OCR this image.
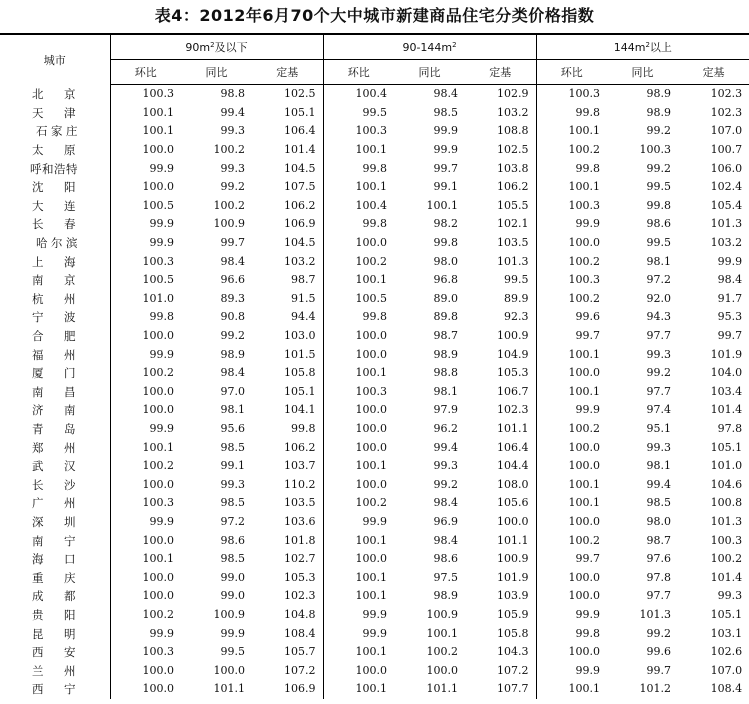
表4：2012年6月70个大中城市新建商品住宅分类价格指数
城市	$90m^2$及以下			$90-144m^2$			$144m^2$以上		
	环比	同比	定基	环比	同比	定基	环比	同比	定基
北京	100.3	98.8	102.5	100.4	98.4	102.9	100.3	98.9	102.3
天津	100.1	99.4	105.1	99.5	98.5	103.2	99.8	98.9	102.3
石家庄	100.1	99.3	106.4	100.3	99.9	108.8	100.1	99.2	107.0
太原	100.0	100.2	101.4	100.1	99.9	102.5	100.2	100.3	100.7
呼和浩特	99.9	99.3	104.5	99.8	99.7	103.8	99.8	99.2	106.0
沈阳	100.0	99.2	107.5	100.1	99.1	106.2	100.1	99.5	102.4
大连	100.5	100.2	106.2	100.4	100.1	105.5	100.3	99.8	105.4
长春	99.9	100.9	106.9	99.8	98.2	102.1	99.9	98.6	101.3
哈尔滨	99.9	99.7	104.5	100.0	99.8	103.5	100.0	99.5	103.2
上海	100.3	98.4	103.2	100.2	98.0	101.3	100.2	98.1	99.9
南京	100.5	96.6	98.7	100.1	96.8	99.5	100.3	97.2	98.4
杭州	101.0	89.3	91.5	100.5	89.0	89.9	100.2	92.0	91.7
宁波	99.8	90.8	94.4	99.8	89.8	92.3	99.6	94.3	95.3
合肥	100.0	99.2	103.0	100.0	98.7	100.9	99.7	97.7	99.7
福州	99.9	98.9	101.5	100.0	98.9	104.9	100.1	99.3	101.9
厦门	100.2	98.4	105.8	100.1	98.8	105.3	100.0	99.2	104.0
南昌	100.0	97.0	105.1	100.3	98.1	106.7	100.1	97.7	103.4
济南	100.0	98.1	104.1	100.0	97.9	102.3	99.9	97.4	101.4
青岛	99.9	95.6	99.8	100.0	96.2	101.1	100.2	95.1	97.8
郑州	100.1	98.5	106.2	100.0	99.4	106.4	100.0	99.3	105.1
武汉	100.2	99.1	103.7	100.1	99.3	104.4	100.0	98.1	101.0
长沙	100.0	99.3	110.2	100.0	99.2	108.0	100.1	99.4	104.6
广州	100.3	98.5	103.5	100.2	98.4	105.6	100.1	98.5	100.8
深圳	99.9	97.2	103.6	99.9	96.9	100.0	100.0	98.0	101.3
南宁	100.0	98.6	101.8	100.1	98.4	101.1	100.2	98.7	100.3
海口	100.1	98.5	102.7	100.0	98.6	100.9	99.7	97.6	100.2
重庆	100.0	99.0	105.3	100.1	97.5	101.9	100.0	97.8	101.4
成都	100.0	99.0	102.3	100.1	98.9	103.9	100.0	97.7	99.3
贵阳	100.2	100.9	104.8	99.9	100.9	105.9	99.9	101.3	105.1
昆明	99.9	99.9	108.4	99.9	100.1	105.8	99.8	99.2	103.1
西安	100.3	99.5	105.7	100.1	100.2	104.3	100.0	99.6	102.6
兰州	100.0	100.0	107.2	100.0	100.0	107.2	99.9	99.7	107.0
西宁	100.0	101.1	106.9	100.1	101.1	107.7	100.1	101.2	108.4
